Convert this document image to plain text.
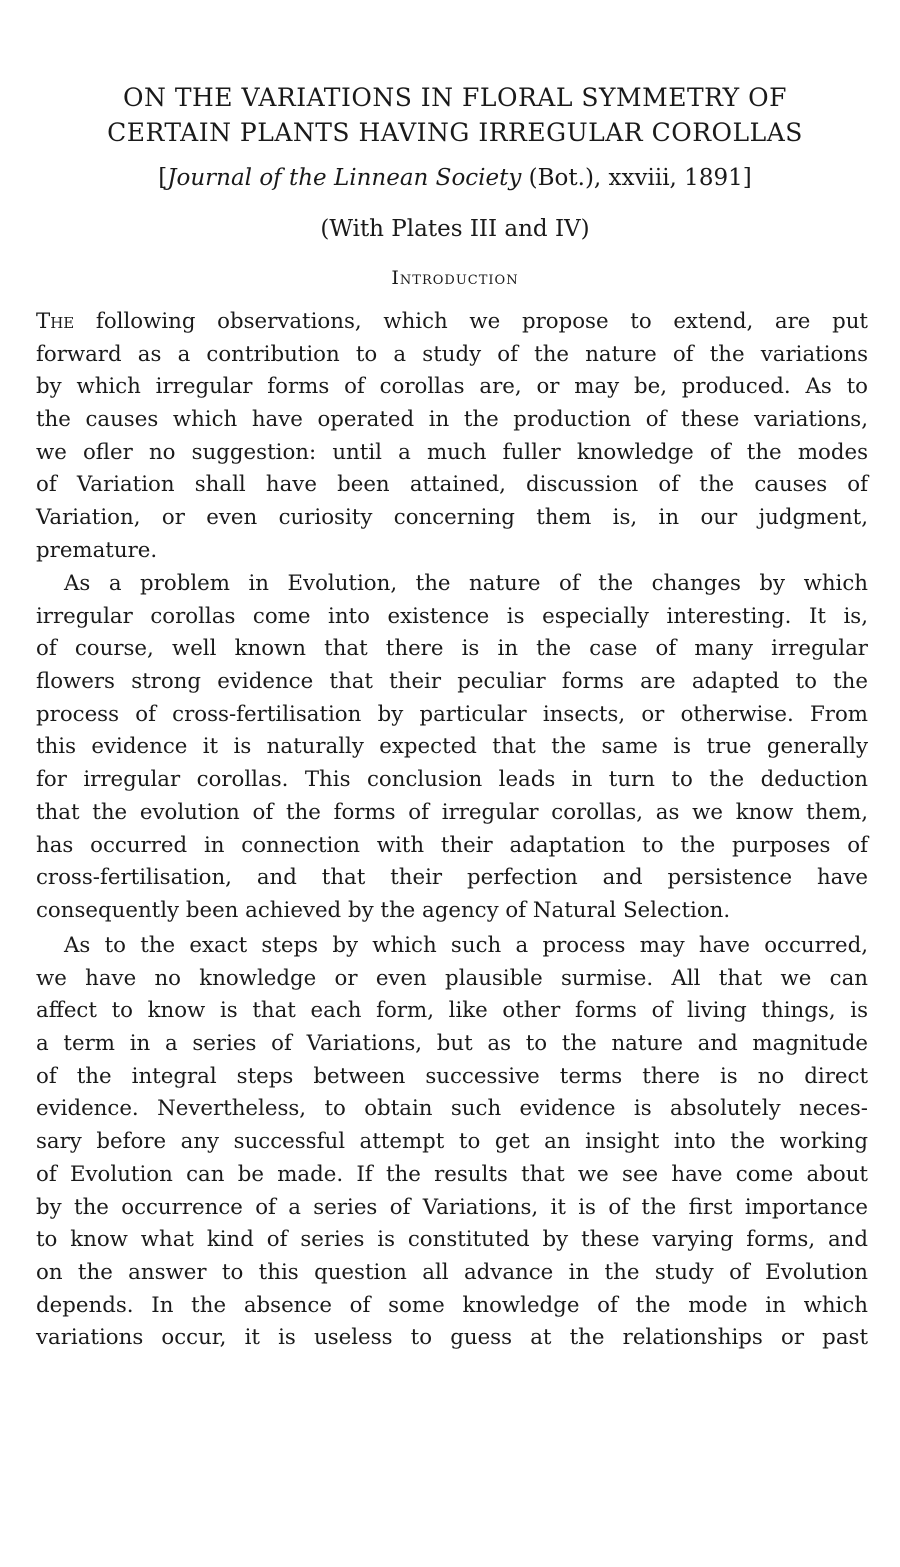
ON THE VARIATIONS IN FLORAL SYMMETRY OF
CERTAIN PLANTS HAVING IRREGULAR COROLLAS
[Journal of the Linnean Society (Bot.), xxviii, 1891]
(With Plates III and IV)
Introduction
The following observations, which we propose to extend, are put
forward as a contribution to a study of the nature of the variations
by which irregular forms of corollas are, or may be, produced. As to
the causes which have operated in the production of these variations,
we ofler no suggestion: until a much fuller knowledge of the modes
of Variation shall have been attained, discussion of the causes of
Variation, or even curiosity concerning them is, in our judgment,
premature.
As a problem in Evolution, the nature of the changes by which
irregular corollas come into existence is especially interesting. It is,
of course, well known that there is in the case of many irregular
flowers strong evidence that their peculiar forms are adapted to the
process of cross-fertilisation by particular insects, or otherwise. From
this evidence it is naturally expected that the same is true generally
for irregular corollas. This conclusion leads in turn to the deduction
that the evolution of the forms of irregular corollas, as we know them,
has occurred in connection with their adaptation to the purposes of
cross-fertilisation, and that their perfection and persistence have
consequently been achieved by the agency of Natural Selection.
As to the exact steps by which such a process may have occurred,
we have no knowledge or even plausible surmise. All that we can
affect to know is that each form, like other forms of living things, is
a term in a series of Variations, but as to the nature and magnitude
of the integral steps between successive terms there is no direct
evidence. Nevertheless, to obtain such evidence is absolutely neces-
sary before any successful attempt to get an insight into the working
of Evolution can be made. If the results that we see have come about
by the occurrence of a series of Variations, it is of the first importance
to know what kind of series is constituted by these varying forms, and
on the answer to this question all advance in the study of Evolution
depends. In the absence of some knowledge of the mode in which
variations occur, it is useless to guess at the relationships or past
